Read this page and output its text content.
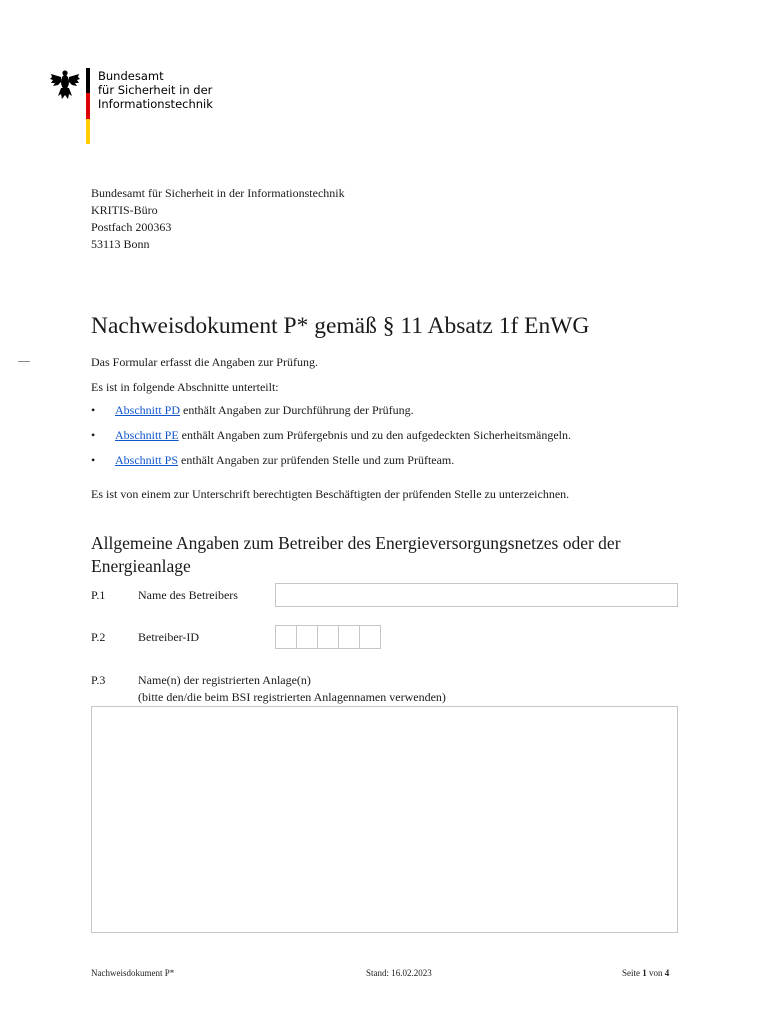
Bundesamt
für Sicherheit in der
Informationstechnik
Bundesamt für Sicherheit in der Informationstechnik
KRITIS-Büro
Postfach 200363
53113 Bonn
Nachweisdokument P* gemäß § 11 Absatz 1f EnWG
Das Formular erfasst die Angaben zur Prüfung.
Es ist in folgende Abschnitte unterteilt:
• Abschnitt PD enthält Angaben zur Durchführung der Prüfung.
• Abschnitt PE enthält Angaben zum Prüfergebnis und zu den aufgedeckten Sicherheitsmängeln.
• Abschnitt PS enthält Angaben zur prüfenden Stelle und zum Prüfteam.
Es ist von einem zur Unterschrift berechtigten Beschäftigten der prüfenden Stelle zu unterzeichnen.
Allgemeine Angaben zum Betreiber des Energieversorgungsnetzes oder der Energieanlage
P.1	Name des Betreibers
P.2	Betreiber-ID
P.3	Name(n) der registrierten Anlage(n)
(bitte den/die beim BSI registrierten Anlagennamen verwenden)
Nachweisdokument P*	Stand: 16.02.2023	Seite 1 von 4
